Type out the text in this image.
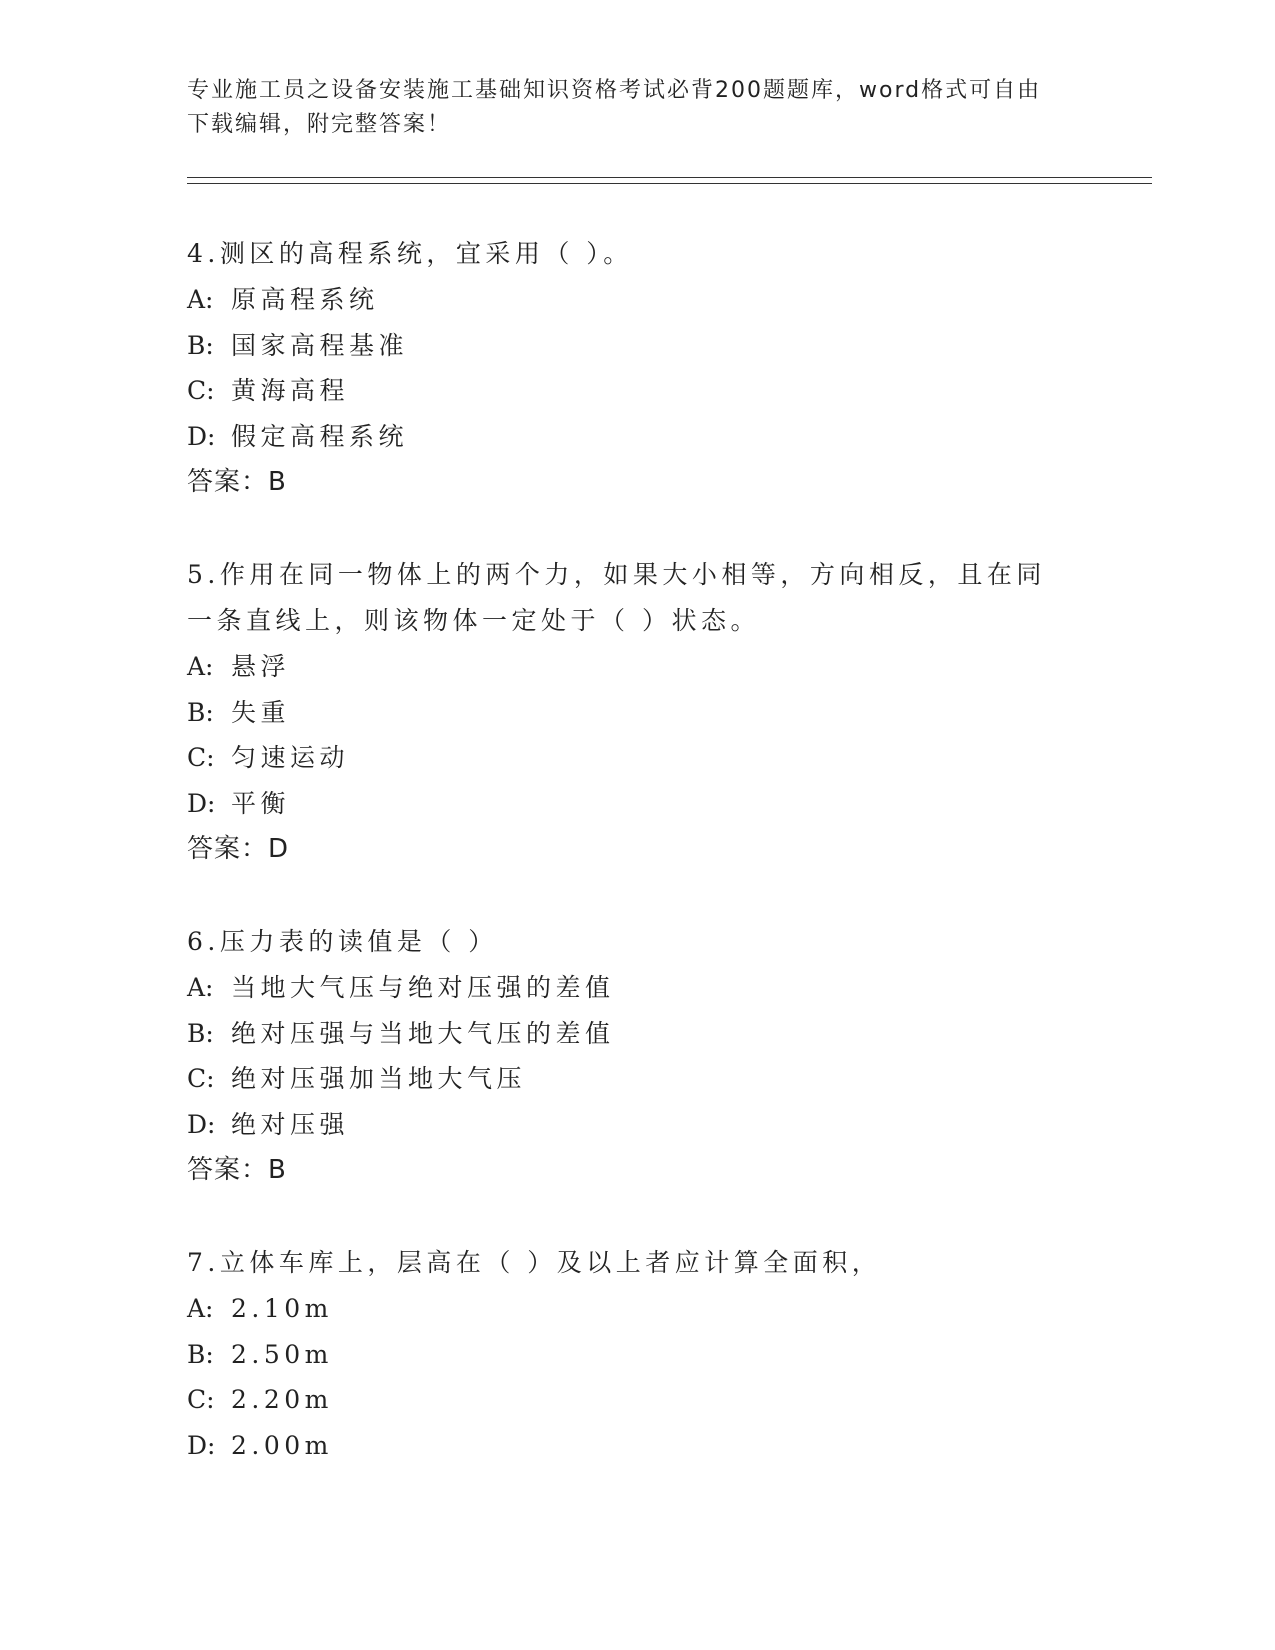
专业施工员之设备安装施工基础知识资格考试必背200题题库，word格式可自由
下载编辑，附完整答案！
4.测区的高程系统，宜采用（ ）。
A: 原高程系统
B: 国家高程基准
C: 黄海高程
D: 假定高程系统
答案：B
5.作用在同一物体上的两个力，如果大小相等，方向相反，且在同一条直线上，则该物体一定处于（ ）状态。
A: 悬浮
B: 失重
C: 匀速运动
D: 平衡
答案：D
6.压力表的读值是（ ）
A: 当地大气压与绝对压强的差值
B: 绝对压强与当地大气压的差值
C: 绝对压强加当地大气压
D: 绝对压强
答案：B
7.立体车库上，层高在（ ）及以上者应计算全面积，
A: 2.10m
B: 2.50m
C: 2.20m
D: 2.00m
